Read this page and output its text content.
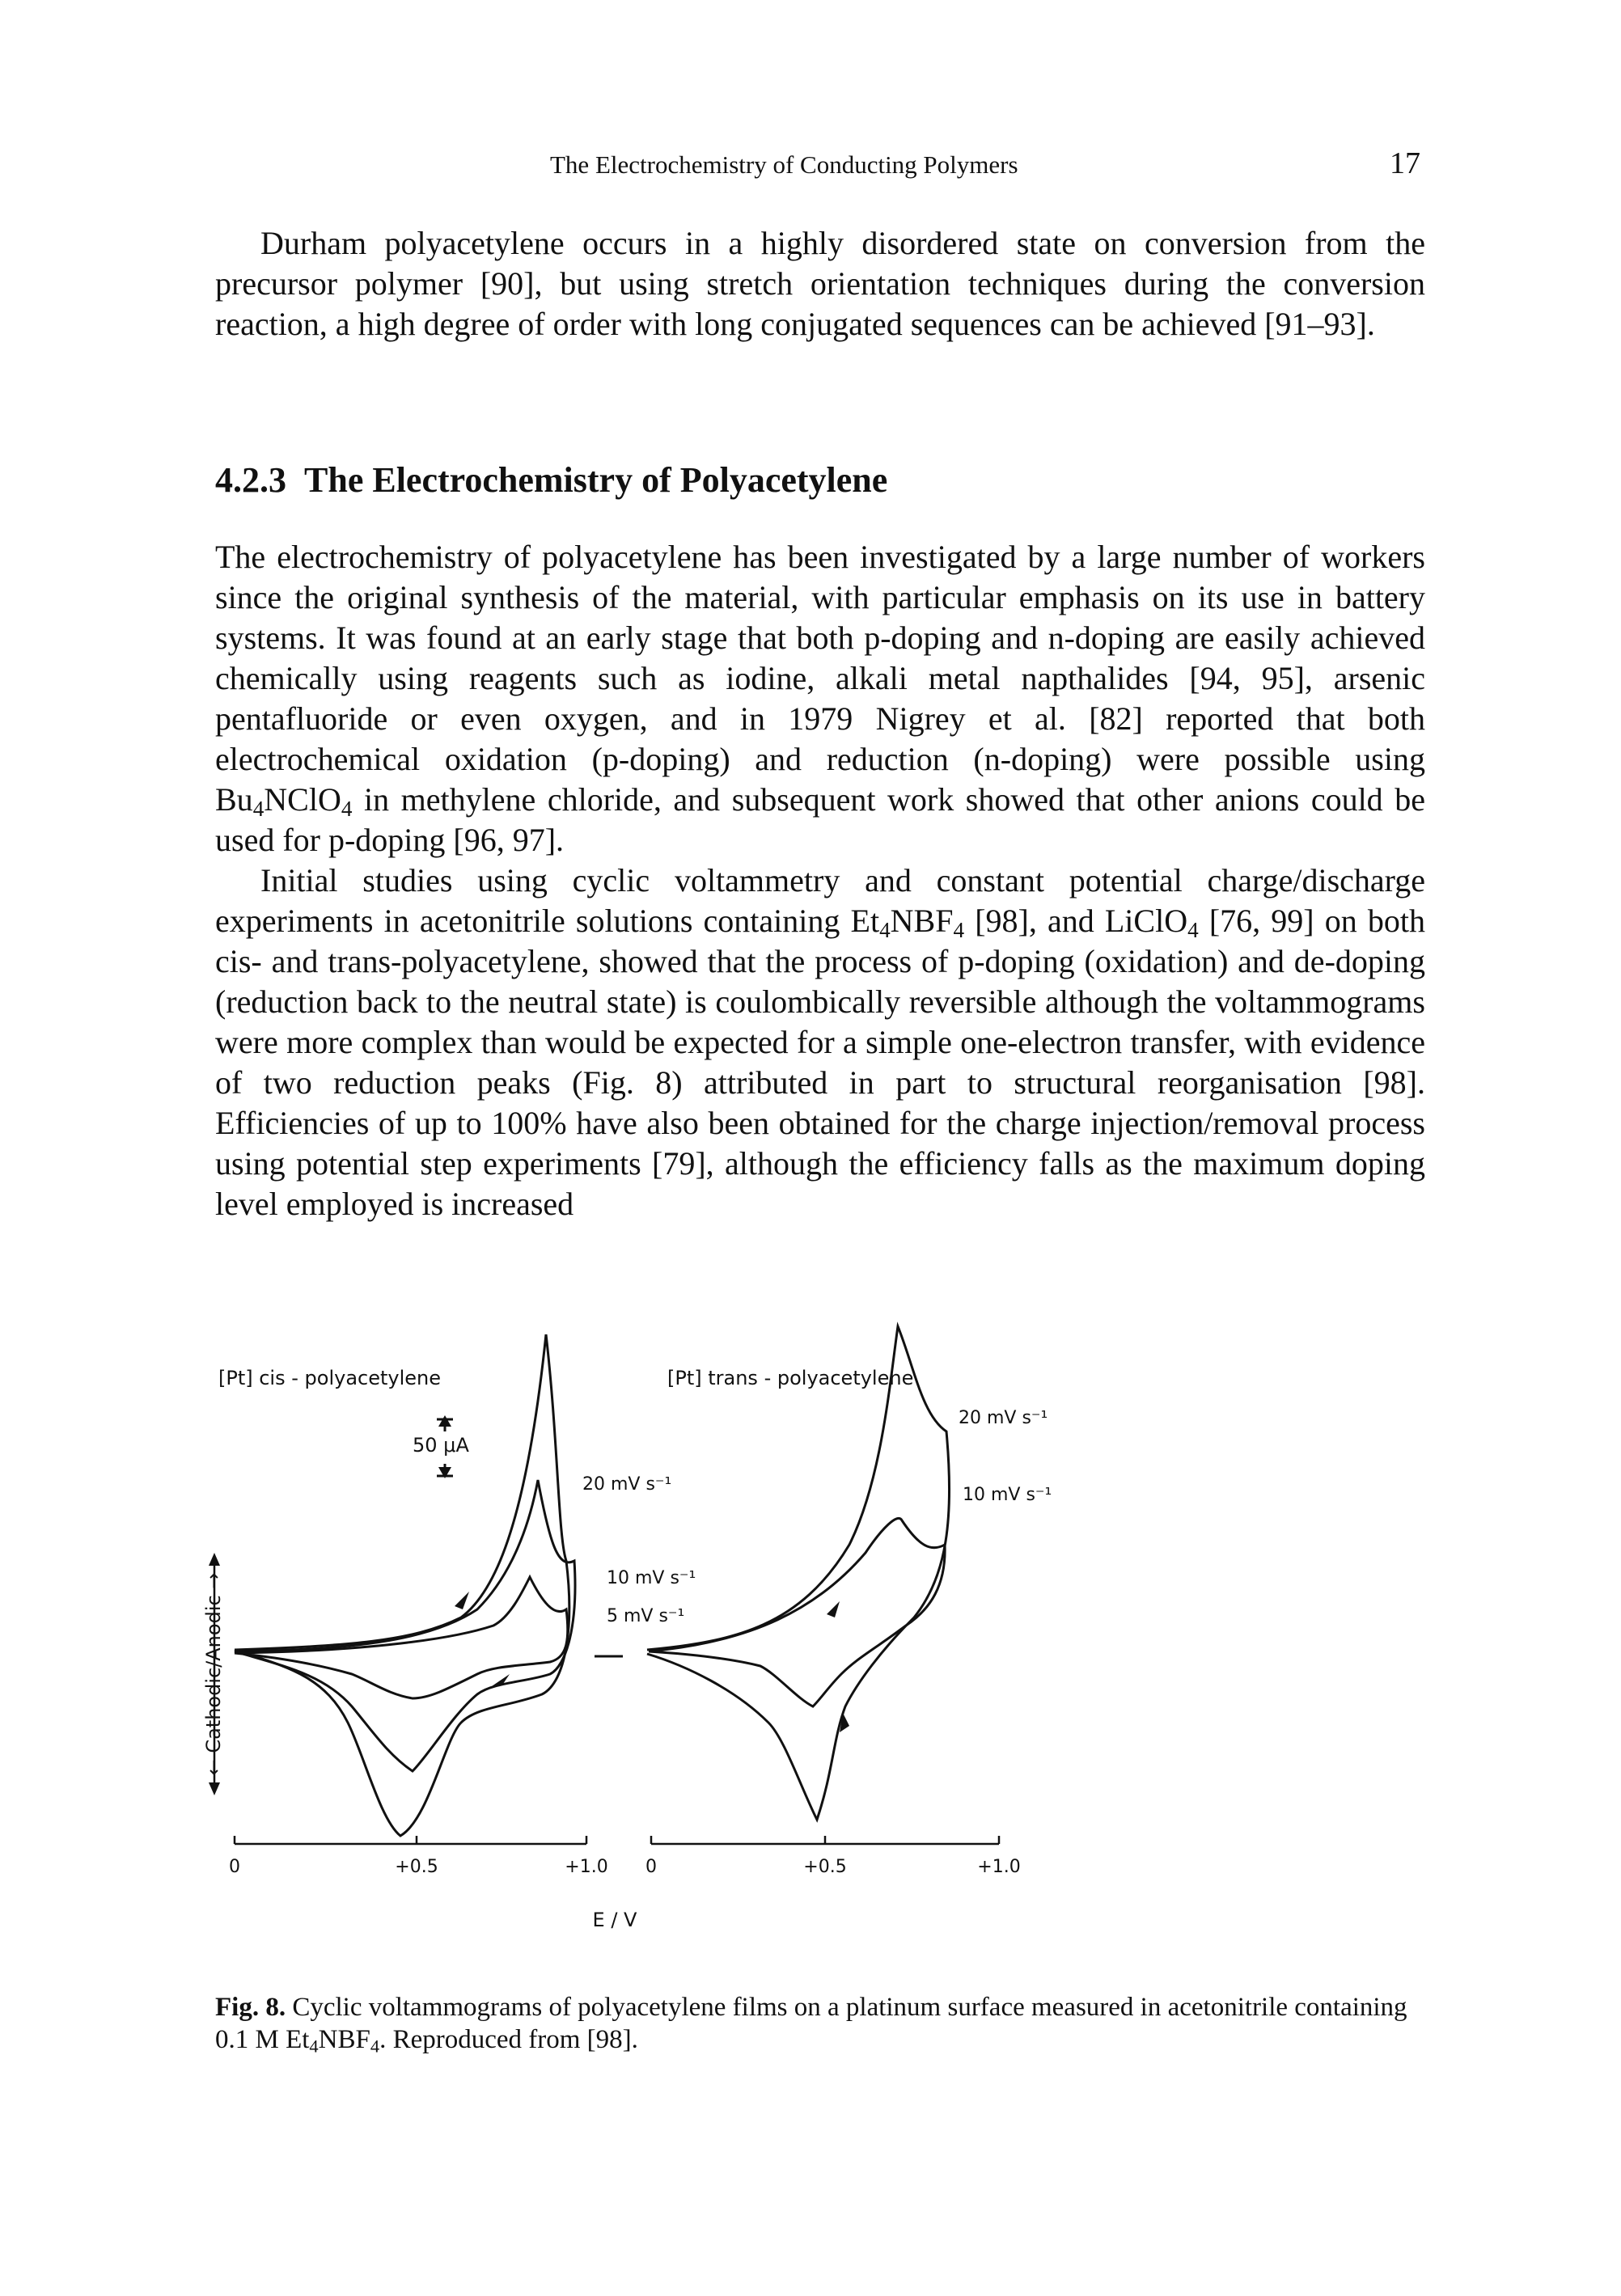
The Electrochemistry of Conducting Polymers	17

Durham polyacetylene occurs in a highly disordered state on conversion from the precursor polymer [90], but using stretch orientation techniques during the conversion reaction, a high degree of order with long conjugated sequences can be achieved [91–93].

4.2.3 The Electrochemistry of Polyacetylene

The electrochemistry of polyacetylene has been investigated by a large number of workers since the original synthesis of the material, with particular emphasis on its use in battery systems. It was found at an early stage that both p-doping and n-doping are easily achieved chemically using reagents such as iodine, alkali metal napthalides [94, 95], arsenic pentafluoride or even oxygen, and in 1979 Nigrey et al. [82] reported that both electrochemical oxidation (p-doping) and reduction (n-doping) were possible using $Bu_4NClO_4$ in methylene chloride, and subsequent work showed that other anions could be used for p-doping [96, 97].

Initial studies using cyclic voltammetry and constant potential charge/discharge experiments in acetonitrile solutions containing $Et_4NBF_4$ [98], and LiClO$_4$ [76, 99] on both cis- and trans-polyacetylene, showed that the process of p-doping (oxidation) and de-doping (reduction back to the neutral state) is coulombically reversible although the voltammograms were more complex than would be expected for a simple one-electron transfer, with evidence of two reduction peaks (Fig. 8) attributed in part to structural reorganisation [98]. Efficiencies of up to 100% have also been obtained for the charge injection/removal process using potential step experiments [79], although the efficiency falls as the maximum doping level employed is increased

[Pt] cis - polyacetylene	[Pt] trans - polyacetylene
50 μA
20 mV s⁻¹
10 mV s⁻¹
5 mV s⁻¹
20 mV s⁻¹
10 mV s⁻¹
← Cathodic/Anodic →
0	+0.5	+1.0 0	+0.5	+1.0
E / V

Fig. 8. Cyclic voltammograms of polyacetylene films on a platinum surface measured in acetonitrile containing 0.1 M $Et_4NBF_4$. Reproduced from [98].
